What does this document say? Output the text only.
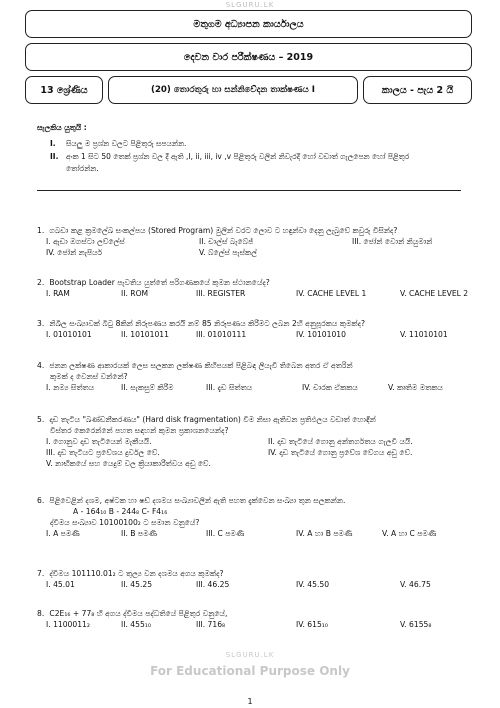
SLGURU.LK
මතුගම අධ්‍යාපන කාර්යාලය
දෙවන වාර පරීක්ෂණය – 2019
13 ශ්‍රේණිය	(20) තොරතුරු හා සන්නිවේදන තාක්ෂණය I	කාලය - පැය 2 යි
සැලකිය යුතුයි :
I. සියලු ම ප්‍රශ්න වලට පිළිතුරු සපයන්න.
II. අංක 1 සිට 50 තෙක් ප්‍රශ්න වල දී ඇති ,I, ii, iii, iv ,v පිළිතුරු වලින් නිවැරදි හෝ වඩාත් ගැලපෙන හෝ පිළිතුර
තෝරන්න.
1. ගබඩා කළ ක්‍රමලේඛ සංකල්පය (Stored Program) මුලින් වරට ලොව ට හඳුන්වා දෙනු ලැබුවේ කවුරු විසින්ද?
I. ඇඩා ඔගස්ටා ලව්ලේස්	II. චාල්ස් බැබේජ්	III. ජෝන් වොන් නියුමාන්
IV. ජෝන් නැපියර්	V. බ්ලේස් පැස්කල්
2. Bootstrap Loader පැවතිය යුත්තේ පරිගණකයේ කුමන ස්ථානයේද?
I. RAM	II. ROM	III. REGISTER	IV. CACHE LEVEL 1	V. CACHE LEVEL 2
3. නිඛිල සංඛ්‍යාවක් බිටු 8කින් නිරූපණය කරයි නම් 85 නිරූපණය කිරීමට ලබන 2හි අනුපූරකය කුමක්ද?
I. 01010101	II. 10101011	III. 01010111	IV. 10101010	V. 11010101
4. ජනන ලක්ෂණ ආකාරයක් ලෙස සලකන ලක්ෂණ කිහිපයක් පිළිබඳ ලියැවී තිබෙන අතර ඒ අතරින්
කුමක් ද වෙනස් වන්නේ?
I. නම්‍ය සිත්තය	II. සැකසුම් කිරීම	III. දැඩ සිත්තය	IV. චාරක ඒකකය	V. කෘතිම මතකය
5. දෘඩ තැටිය "ඛණ්ඩනීකරණය" (Hard disk fragmentation) වීම නිසා ඇතිවන ප්‍රතිඵලය වඩාත් හොඳින්
විස්තර කෙරෙන්නේ පහත සඳහන් කුමන ප්‍රකාශනයෙන්ද?
I. ගොනුව දෘඩ තැටියෙන් මැකීයයි.	II. දෘඩ තැටියේ ගොනු අන්තර්ගතය ගැලවී යයි.
III. දෘඩ තැටියට ප්‍රවේශය දුර්වල වේ.	IV. දෘඩ තැටියේ ගොනු ප්‍රවේශ වේගය අඩු වේ.
V. නාභිකයේ සහ යෙදුම් වල ක්‍රියාකාරීත්වය අඩු වේ.
6. පිළිවෙළින් දශම, අෂ්ටක හා ෂඩ් දශමය සංඛ්‍යාවලින් ඇති පහත දැක්වෙන සංඛ්‍යා තුන සලකන්න.
A - 164₁₀ B - 244₈ C- F4₁₆
ද්වීමය සංඛ්‍යාව 10100100₂ ට සමාන වනුයේ?
I. A පමණි	II. B පමණි	III. C පමණි	IV. A හා B පමණි	V. A හා C පමණි
7. ද්වීමය 101110.01₂ ට තුල්‍ය වන දශමය අගය කුමක්ද?
I. 45.01	II. 45.25	III. 46.25	IV. 45.50	V. 46.75
8. C2E₁₆ + 77₈ හි අගය ද්වීමය පද්ධතියේ පිළිතුර වනුයේ,
I. 1100011₂	II. 455₁₀	III. 716₈	IV. 615₁₀	V. 6155₈
SLGURU.LK
For Educational Purpose Only
1
